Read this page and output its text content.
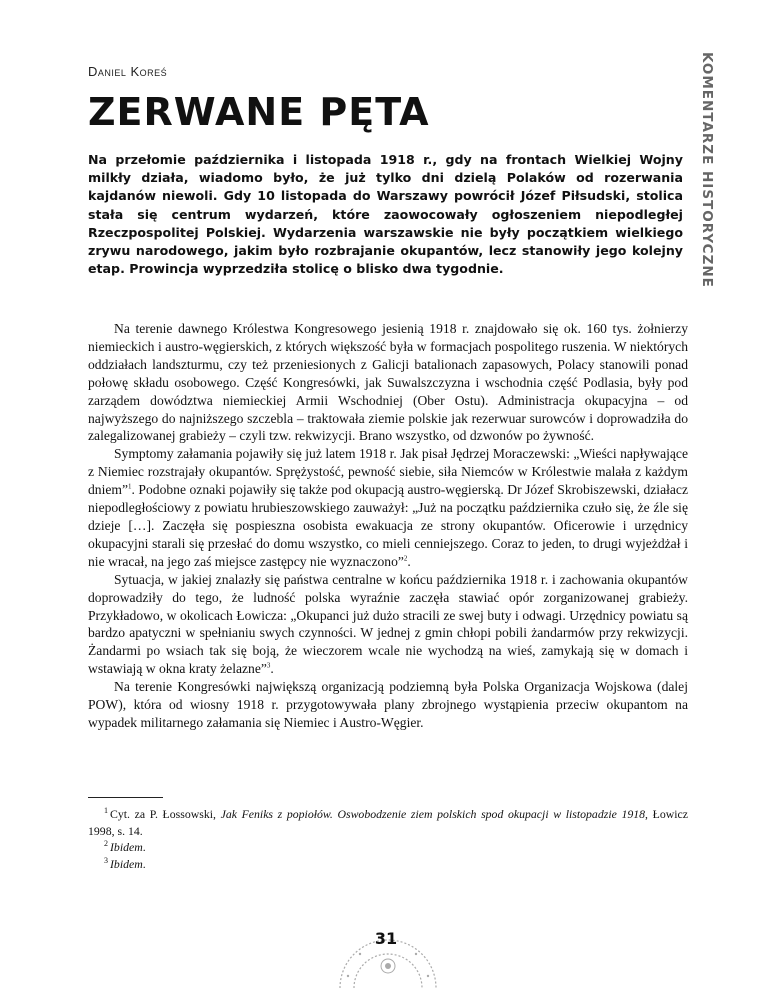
Daniel Koreś
ZERWANE PĘTA

Na przełomie października i listopada 1918 r., gdy na frontach Wielkiej Wojny milkły działa, wiadomo było, że już tylko dni dzielą Polaków od rozerwania kajdanów niewoli. Gdy 10 listopada do Warszawy powrócił Józef Piłsudski, stolica stała się centrum wydarzeń, które zaowocowały ogłoszeniem niepodległej Rzeczpospolitej Polskiej. Wydarzenia warszawskie nie były początkiem wielkiego zrywu narodowego, jakim było rozbrajanie okupantów, lecz stanowiły jego kolejny etap. Prowincja wyprzedziła stolicę o blisko dwa tygodnie.	KOMENTARZE HISTORYCZNE

Na terenie dawnego Królestwa Kongresowego jesienią 1918 r. znajdowało się ok. 160 tys. żołnierzy niemieckich i austro-węgierskich, z których większość była w formacjach pospolitego ruszenia. W niektórych oddziałach landszturmu, czy też przeniesionych z Galicji batalionach zapasowych, Polacy stanowili ponad połowę składu osobowego. Część Kongresówki, jak Suwalszczyzna i wschodnia część Podlasia, były pod zarządem dowództwa niemieckiej Armii Wschodniej (Ober Ostu). Administracja okupacyjna – od najwyższego do najniższego szczebla – traktowała ziemie polskie jak rezerwuar surowców i doprowadziła do zalegalizowanej grabieży – czyli tzw. rekwizycji. Brano wszystko, od dzwonów po żywność.

Symptomy załamania pojawiły się już latem 1918 r. Jak pisał Jędrzej Moraczewski: „Wieści napływające z Niemiec rozstrajały okupantów. Sprężystość, pewność siebie, siła Niemców w Królestwie malała z każdym dniem”$^1$. Podobne oznaki pojawiły się także pod okupacją austro-węgierską. Dr Józef Skrobiszewski, działacz niepodległościowy z powiatu hrubieszowskiego zauważył: „Już na początku października czuło się, że źle się dzieje […]. Zaczęła się pospieszna osobista ewakuacja ze strony okupantów. Oficerowie i urzędnicy okupacyjni starali się przesłać do domu wszystko, co mieli cenniejszego. Coraz to jeden, to drugi wyjeżdżał i nie wracał, na jego zaś miejsce zastępcy nie wyznaczono”$^2$.

Sytuacja, w jakiej znalazły się państwa centralne w końcu października 1918 r. i zachowania okupantów doprowadziły do tego, że ludność polska wyraźnie zaczęła stawiać opór zorganizowanej grabieży. Przykładowo, w okolicach Łowicza: „Okupanci już dużo stracili ze swej buty i odwagi. Urzędnicy powiatu są bardzo apatyczni w spełnianiu swych czynności. W jednej z gmin chłopi pobili żandarmów przy rekwizycji. Żandarmi po wsiach tak się boją, że wieczorem wcale nie wychodzą na wieś, zamykają się w domach i wstawiają w okna kraty żelazne”$^3$.

Na terenie Kongresówki największą organizacją podziemną była Polska Organizacja Wojskowa (dalej POW), która od wiosny 1918 r. przygotowywała plany zbrojnego wystąpienia przeciw okupantom na wypadek militarnego załamania się Niemiec i Austro-Węgier.

$^1$ Cyt. za P. Łossowski, Jak Feniks z popiołów. Oswobodzenie ziem polskich spod okupacji w listopadzie 1918, Łowicz 1998, s. 14.

$^2$ Ibidem.

$^3$ Ibidem.

31
